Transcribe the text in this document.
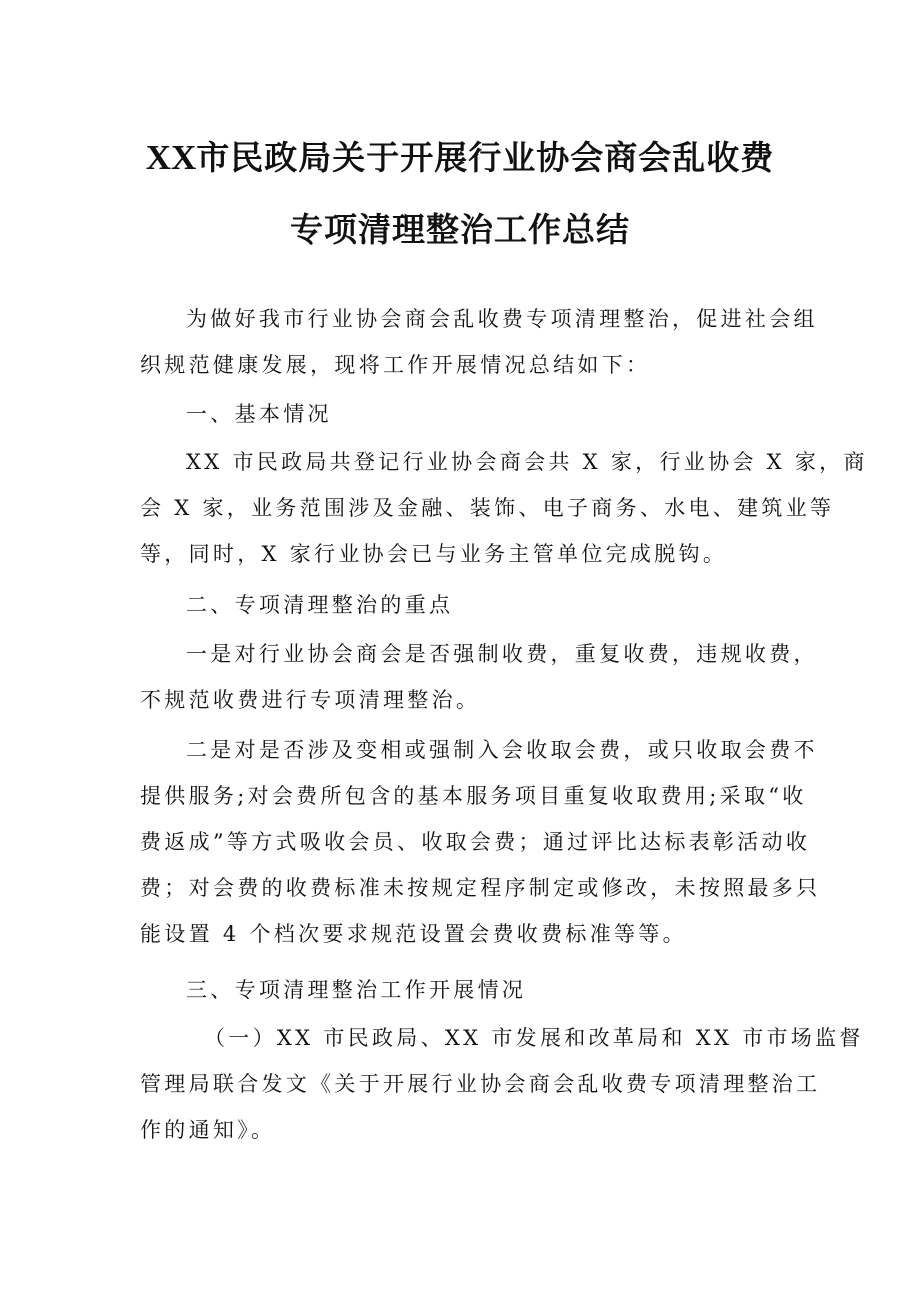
XX市民政局关于开展行业协会商会乱收费
专项清理整治工作总结
为做好我市行业协会商会乱收费专项清理整治，促进社会组
织规范健康发展，现将工作开展情况总结如下：
一、基本情况
XX 市民政局共登记行业协会商会共 X 家，行业协会 X 家，商
会 X 家，业务范围涉及金融、装饰、电子商务、水电、建筑业等
等，同时，X 家行业协会已与业务主管单位完成脱钩。
二、专项清理整治的重点
一是对行业协会商会是否强制收费，重复收费，违规收费，
不规范收费进行专项清理整治。
二是对是否涉及变相或强制入会收取会费，或只收取会费不
提供服务;对会费所包含的基本服务项目重复收取费用;采取“收
费返成”等方式吸收会员、收取会费；通过评比达标表彰活动收
费；对会费的收费标准未按规定程序制定或修改，未按照最多只
能设置 4 个档次要求规范设置会费收费标准等等。
三、专项清理整治工作开展情况
（一）XX 市民政局、XX 市发展和改革局和 XX 市市场监督
管理局联合发文《关于开展行业协会商会乱收费专项清理整治工
作的通知》。
